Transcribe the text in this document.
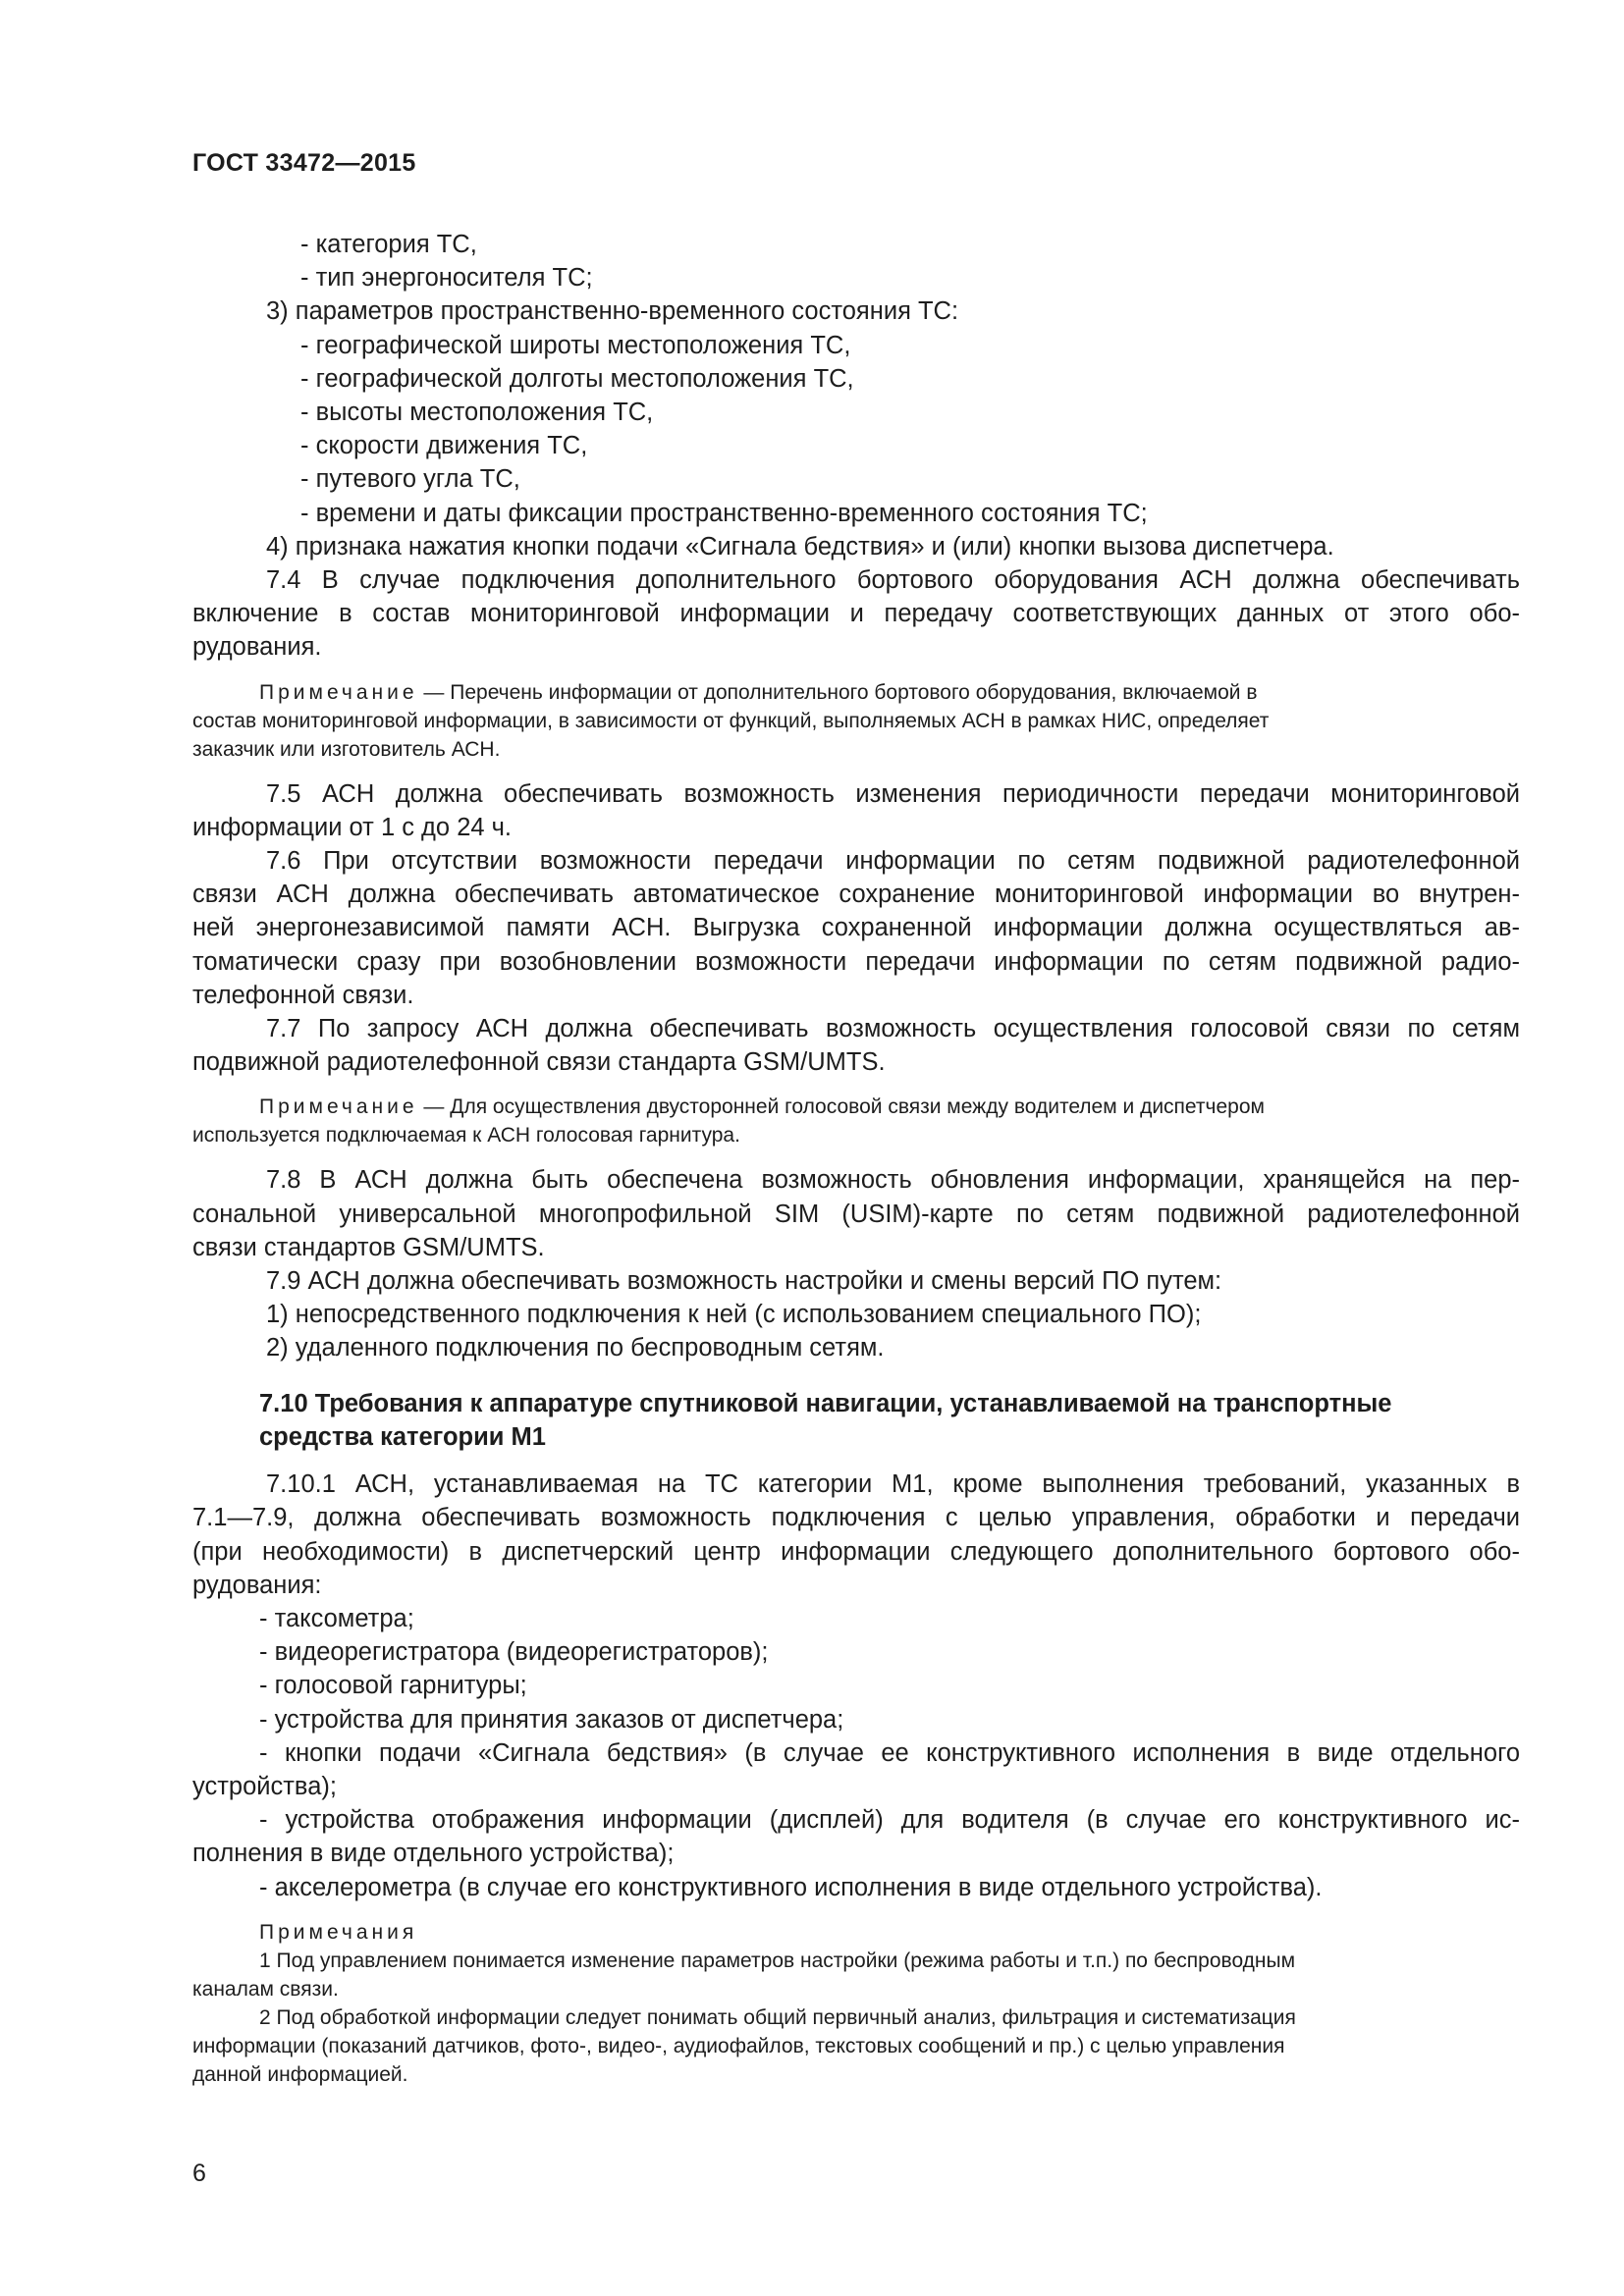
ГОСТ 33472—2015

- категория ТС,

- тип энергоносителя ТС;

3) параметров пространственно-временного состояния ТС:

- географической широты местоположения ТС,

- географической долготы местоположения ТС,

- высоты местоположения ТС,

- скорости движения ТС,

- путевого угла ТС,

- времени и даты фиксации пространственно-временного состояния ТС;

4) признака нажатия кнопки подачи «Сигнала бедствия» и (или) кнопки вызова диспетчера.

7.4 В случае подключения дополнительного бортового оборудования АСН должна обеспечивать

включение в состав мониторинговой информации и передачу соответствующих данных от этого обо-

рудования.

Примечание — Перечень информации от дополнительного бортового оборудования, включаемой в

состав мониторинговой информации, в зависимости от функций, выполняемых АСН в рамках НИС, определяет

заказчик или изготовитель АСН.

7.5 АСН должна обеспечивать возможность изменения периодичности передачи мониторинговой

информации от 1 с до 24 ч.

7.6 При отсутствии возможности передачи информации по сетям подвижной радиотелефонной

связи АСН должна обеспечивать автоматическое сохранение мониторинговой информации во внутрен-

ней энергонезависимой памяти АСН. Выгрузка сохраненной информации должна осуществляться ав-

томатически сразу при возобновлении возможности передачи информации по сетям подвижной радио-

телефонной связи.

7.7 По запросу АСН должна обеспечивать возможность осуществления голосовой связи по сетям

подвижной радиотелефонной связи стандарта GSM/UMTS.

Примечание — Для осуществления двусторонней голосовой связи между водителем и диспетчером

используется подключаемая к АСН голосовая гарнитура.

7.8 В АСН должна быть обеспечена возможность обновления информации, хранящейся на пер-

сональной универсальной многопрофильной SIM (USIM)-карте по сетям подвижной радиотелефонной

связи стандартов GSM/UMTS.

7.9 АСН должна обеспечивать возможность настройки и смены версий ПО путем:

1) непосредственного подключения к ней (с использованием специального ПО);

2) удаленного подключения по беспроводным сетям.

7.10 Требования к аппаратуре спутниковой навигации, устанавливаемой на транспортные
средства категории М1

7.10.1 АСН, устанавливаемая на ТС категории М1, кроме выполнения требований, указанных в

7.1—7.9, должна обеспечивать возможность подключения с целью управления, обработки и передачи

(при необходимости) в диспетчерский центр информации следующего дополнительного бортового обо-

рудования:

- таксометра;

- видеорегистратора (видеорегистраторов);

- голосовой гарнитуры;

- устройства для принятия заказов от диспетчера;

- кнопки подачи «Сигнала бедствия» (в случае ее конструктивного исполнения в виде отдельного

устройства);

- устройства отображения информации (дисплей) для водителя (в случае его конструктивного ис-

полнения в виде отдельного устройства);

- акселерометра (в случае его конструктивного исполнения в виде отдельного устройства).

Примечания

1 Под управлением понимается изменение параметров настройки (режима работы и т.п.) по беспроводным

каналам связи.

2 Под обработкой информации следует понимать общий первичный анализ, фильтрация и систематизация

информации (показаний датчиков, фото-, видео-, аудиофайлов, текстовых сообщений и пр.) с целью управления

данной информацией.

6
